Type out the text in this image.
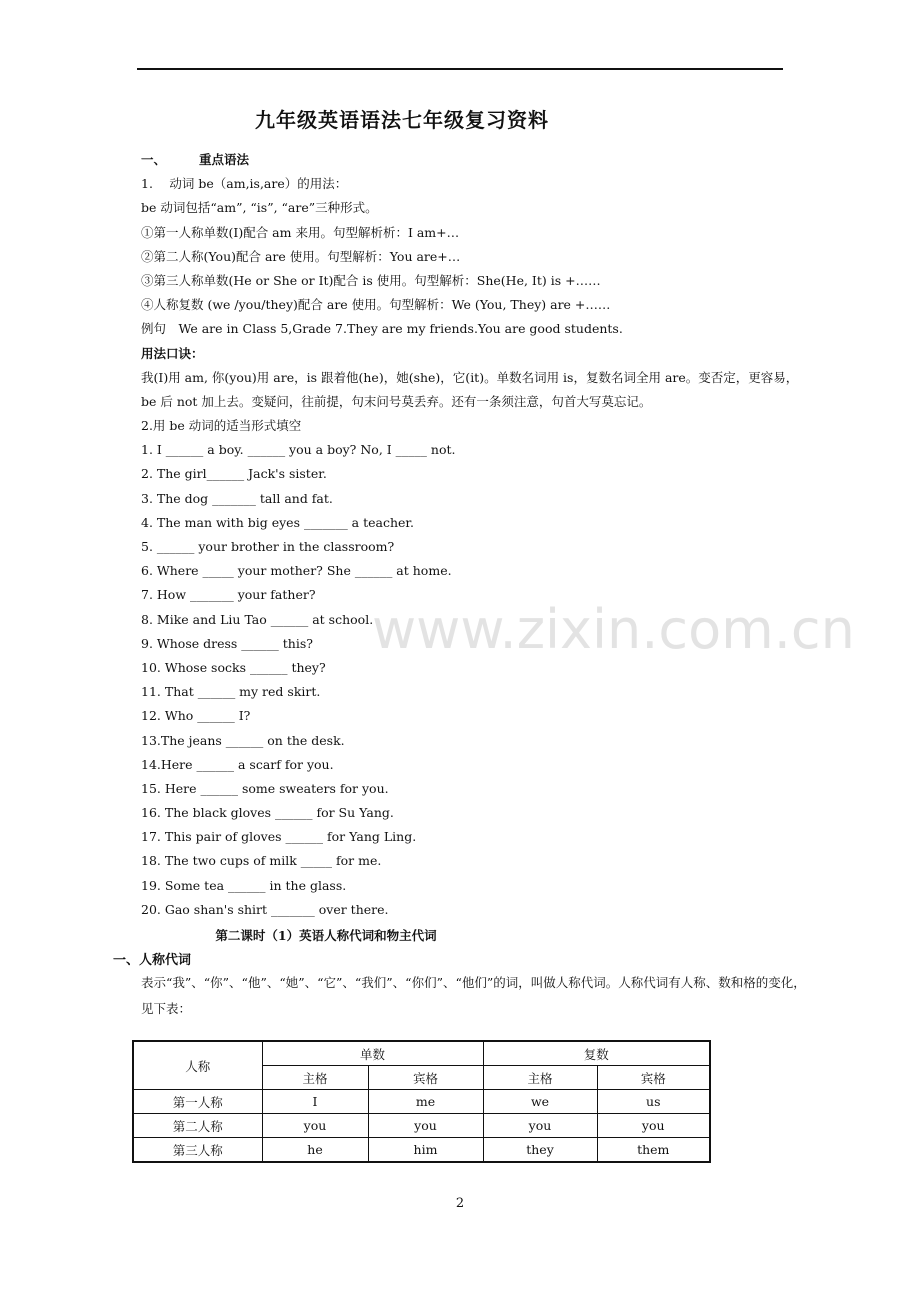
www.zixin.com.cn
九年级英语语法七年级复习资料
一、	重点语法
1.　 动词 be（am,is,are）的用法：
be 动词包括“am”, “is”, “are”三种形式。
①第一人称单数(I)配合 am 来用。句型解析析：I am+…
②第二人称(You)配合 are 使用。句型解析：You are+…
③第三人称单数(He or She or It)配合 is 使用。句型解析：She(He, It) is +……
④人称复数 (we /you/they)配合 are 使用。句型解析：We (You, They) are +……
例句　We are in Class 5,Grade 7.They are my friends.You are good students.
用法口诀：

我(I)用 am, 你(you)用 are，is 跟着他(he)，她(she)，它(it)。单数名词用 is，复数名词全用 are。变否定，更容易，be 后 not 加上去。变疑问，往前提，句末问号莫丢弃。还有一条须注意，句首大写莫忘记。

2.用 be 动词的适当形式填空
1. I ______ a boy. ______ you a boy? No, I _____ not.
2. The girl______ Jack's sister.
3. The dog _______ tall and fat.
4. The man with big eyes _______ a teacher.
5. ______ your brother in the classroom?
6. Where _____ your mother? She ______ at home.
7. How _______ your father?
8. Mike and Liu Tao ______ at school.
9. Whose dress ______ this?
10. Whose socks ______ they?
11. That ______ my red skirt.
12. Who ______ I?
13.The jeans ______ on the desk.
14.Here ______ a scarf for you.
15. Here ______ some sweaters for you.
16. The black gloves ______ for Su Yang.
17. This pair of gloves ______ for Yang Ling.
18. The two cups of milk _____ for me.
19. Some tea ______ in the glass.
20. Gao shan's shirt _______ over there.
第二课时（1）英语人称代词和物主代词
一、人称代词
表示“我”、“你”、“他”、“她”、“它”、“我们”、“你们”、“他们”的词，叫做人称代词。人称代词有人称、数和格的变化，见下表：
人称	单数		复数	
	主格	宾格	主格	宾格
第一人称	I	me	we	us
第二人称	you	you	you	you
第三人称	he	him	they	them
2
